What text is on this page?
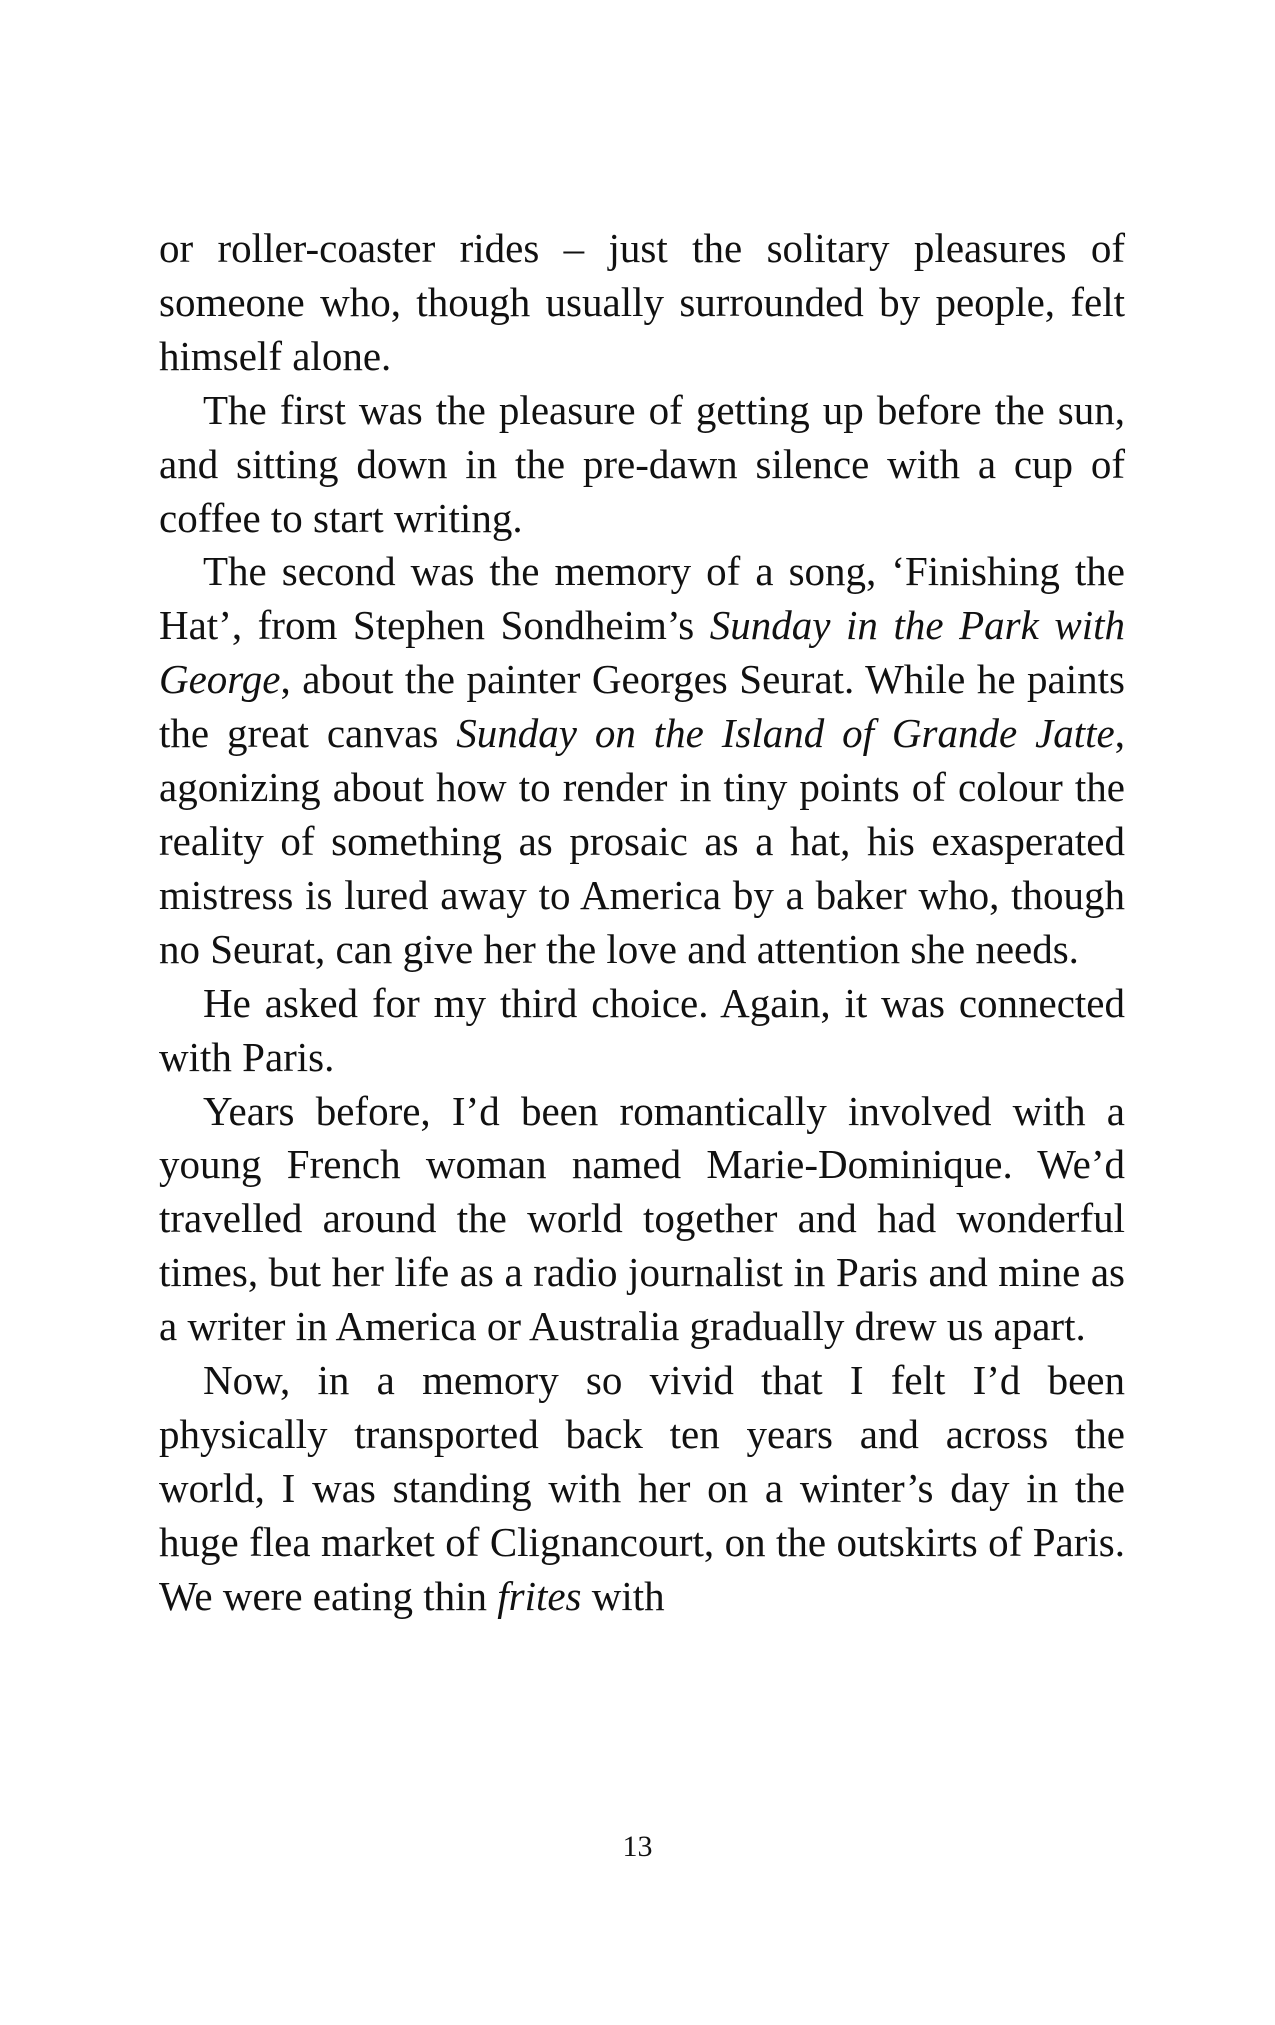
or roller-coaster rides – just the solitary pleasures of someone who, though usually surrounded by people, felt himself alone.

The first was the pleasure of getting up before the sun, and sitting down in the pre-dawn silence with a cup of coffee to start writing.

The second was the memory of a song, ‘Finishing the Hat’, from Stephen Sondheim’s Sunday in the Park with George, about the painter Georges Seurat. While he paints the great canvas Sunday on the Island of Grande Jatte, agonizing about how to render in tiny points of colour the reality of something as prosaic as a hat, his exasperated mistress is lured away to America by a baker who, though no Seurat, can give her the love and attention she needs.

He asked for my third choice. Again, it was connected with Paris.

Years before, I’d been romantically involved with a young French woman named Marie-Dominique. We’d travelled around the world together and had wonderful times, but her life as a radio journalist in Paris and mine as a writer in America or Australia gradually drew us apart.

Now, in a memory so vivid that I felt I’d been physically transported back ten years and across the world, I was standing with her on a winter’s day in the huge flea market of Clignancourt, on the outskirts of Paris. We were eating thin frites with

13
